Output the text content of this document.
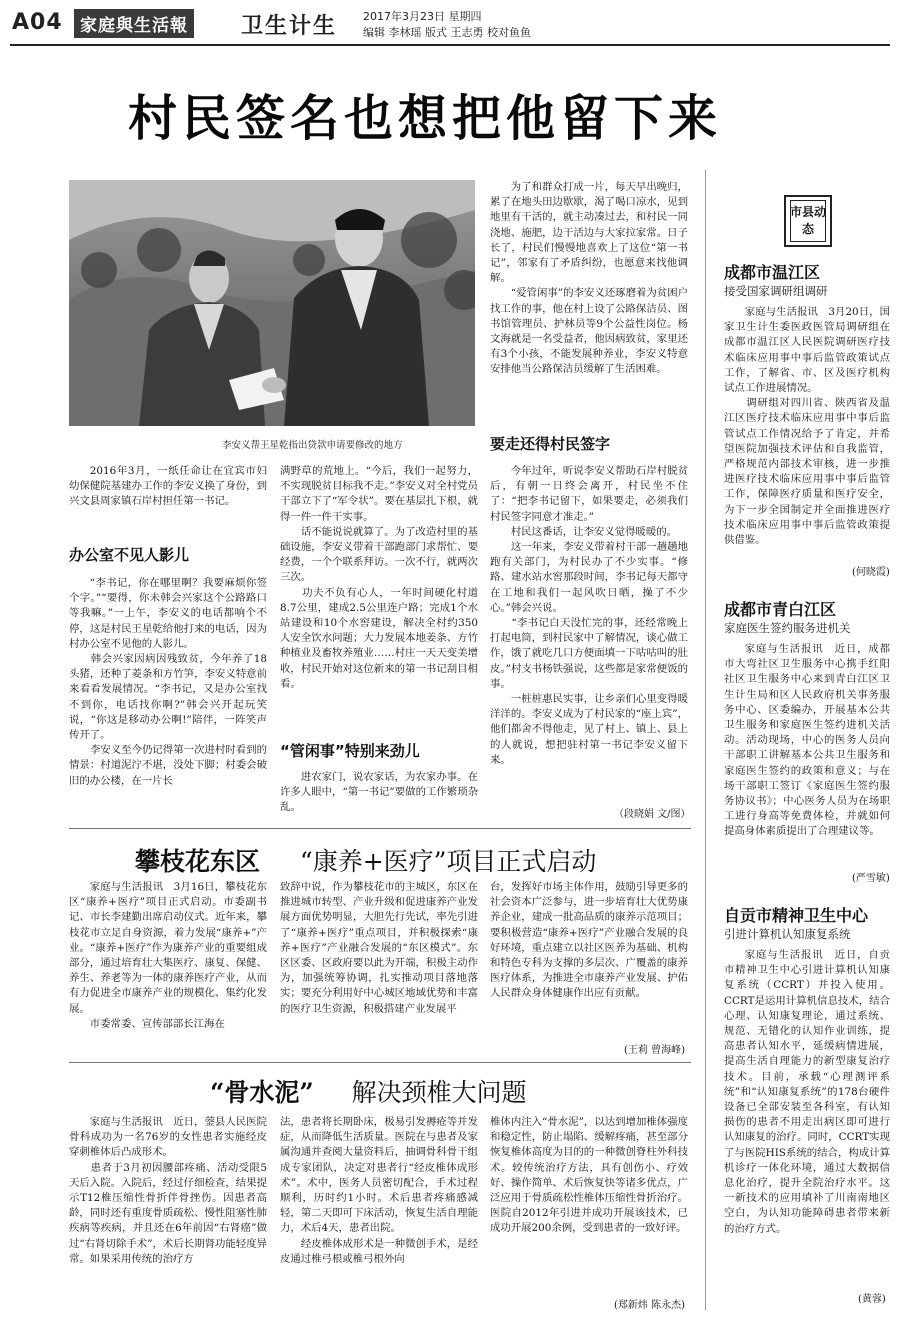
A04	家庭與生活報 卫生计生 2017年3月23日 星期四
编辑 李林瑶 版式 王志勇 校对鱼鱼
村民签名也想把他留下来
李安义帮王星乾指出贷款申请要修改的地方
2016年3月，一纸任命让在宜宾市妇幼保健院基建办工作的李安义换了身份，到兴文县周家镇石岸村担任第一书记。
办公室不见人影儿
“李书记，你在哪里啊？我要麻烦你签个字。”“要得，你未韩会兴家这个公路路口等我嘛。”一上午，李安义的电话都响个不停，这是村民王星乾给他打来的电话，因为村办公室不见他的人影儿。
　　韩会兴家因病因残致贫，今年养了18头猪，还种了菱条和方竹笋，李安义特意前来看看发展情况。“李书记，又是办公室找不到你，电话找你啊?”韩会兴开起玩笑说，“你这是移动办公啊!”陪伴，一阵笑声传开了。
　　李安义至今仍记得第一次进村时看到的情景：村道泥泞不堪，没处下脚；村委会破旧的办公楼，在一片长
满野草的荒地上。“今后，我们一起努力，不实现脱贫目标我不走。”李安义对全村党员干部立下了“军令状”。要在基层扎下根，就得一件一件干实事。
　　话不能说说就算了。为了改造村里的基础设施，李安义带着干部跑部门求帮忙、要经费，一个个联系拜访。一次不行，就两次三次。
　　功夫不负有心人，一年时间硬化村道8.7公里，建成2.5公里连户路；完成1个水站建设和10个水窖建设，解决全村约350人安全饮水问题；大力发展本地姜条、方竹种植业及畜牧养殖业……村庄一天天变美增收，村民开始对这位新来的第一书记刮目相看。
“管闲事”特别来劲儿
进农家门，说农家话，为农家办事。在许多人眼中，“第一书记”要做的工作繁琐杂乱。
为了和群众打成一片，每天早出晚归，累了在地头田边歇歇，渴了喝口凉水，见到地里有干活的，就主动凑过去，和村民一同浇地、施肥，边干活边与大家拉家常。日子长了，村民们慢慢地喜欢上了这位“第一书记”，邻家有了矛盾纠纷，也愿意来找他调解。
　　“爱管闲事”的李安义还琢磨着为贫困户找工作的事，他在村上设了公路保洁员、图书馆管理员、护林员等9个公益性岗位。杨文海就是一名受益者，他因病致贫，家里还有3个小孩，不能发展种养业，李安义特意安排他当公路保洁员缓解了生活困难。
要走还得村民签字
今年过年，听说李安义帮助石岸村脱贫后，有朝一日终会离开，村民坐不住了：“把李书记留下，如果要走，必须我们村民签字同意才准走。”
　　村民这番话，让李安义觉得暖暖的。
　　这一年来，李安义带着村干部一趟趟地跑有关部门，为村民办了不少实事。“修路、建水站水窖那段时间，李书记每天都守在工地和我们一起风吹日晒，操了不少心。”韩会兴说。
　　“李书记白天没忙完的事，还经常晚上打起电筒，到村民家中了解情况，谈心做工作，饿了就吃几口方便面填一下咕咕叫的肚皮。”村支书杨铁强说，这些都是家常便饭的事。
　　一桩桩惠民实事，让乡亲们心里变得暖洋洋的。李安义成为了村民家的“座上宾”，他们都舍不得他走，见了村上、镇上、县上的人就说，想把驻村第一书记李安义留下来。
（段晓娟 文/图）
市县动态
成都市温江区
接受国家调研组调研
家庭与生活报讯　3月20日，国家卫生计生委医政医管局调研组在成都市温江区人民医院调研医疗技术临床应用事中事后监管政策试点工作，了解省、市、区及医疗机构试点工作进展情况。
　　调研组对四川省、陕西省及温江区医疗技术临床应用事中事后监管试点工作情况给予了肯定，并希望医院加强技术评估和自我监管，严格规范内部技术审核，进一步推进医疗技术临床应用事中事后监管工作，保障医疗质量和医疗安全，为下一步全国制定并全面推进医疗技术临床应用事中事后监管政策提供借鉴。
(何晓霞)
成都市青白江区
家庭医生签约服务进机关
家庭与生活报讯　近日，成都市大弯社区卫生服务中心携手红阳社区卫生服务中心来到青白江区卫生计生局和区人民政府机关事务服务中心、区委编办，开展基本公共卫生服务和家庭医生签约进机关活动。活动现场，中心的医务人员向干部职工讲解基本公共卫生服务和家庭医生签约的政策和意义；与在场干部职工签订《家庭医生签约服务协议书》；中心医务人员为在场职工进行身高等免费体检，并就如何提高身体素质提出了合理建议等。
(严雪敏)
自贡市精神卫生中心
引进计算机认知康复系统
家庭与生活报讯　近日，自贡市精神卫生中心引进计算机认知康复系统（CCRT）并投入使用。CCRT是运用计算机信息技术，结合心理、认知康复理论，通过系统、规范、无错化的认知作业训练，提高患者认知水平，延缓病情进展，提高生活自理能力的新型康复治疗技术。目前，承载“心理测评系统”和“认知康复系统”的178台硬件设备已全部安装至各科室，有认知损伤的患者不用走出病区即可进行认知康复的治疗。同时，CCRT实现了与医院HIS系统的结合，构成计算机诊疗一体化环境，通过大数据信息化治疗，提升全院治疗水平。这一新技术的应用填补了川南南地区空白，为认知功能障碍患者带来新的治疗方式。
(黄蓉)
攀枝花东区 “康养+医疗”项目正式启动
家庭与生活报讯　3月16日，攀枝花东区“康养+医疗”项目正式启动。市委副书记、市长李建勤出席启动仪式。近年来，攀枝花市立足自身资源，着力发展“康养+”产业。“康养+医疗”作为康养产业的重要组成部分，通过培育壮大集医疗、康复、保健、养生、养老等为一体的康养医疗产业，从而有力促进全市康养产业的规模化、集约化发展。
　　市委常委、宣传部部长江海在
致辞中说，作为攀枝花市的主城区，东区在推进城市转型、产业升级和促进康养产业发展方面优势明显，大胆先行先试，率先引进了“康养+医疗”重点项目，并积极探索“康养+医疗”产业融合发展的“东区模式”。东区区委、区政府要以此为开端，积极主动作为，加强统筹协调，扎实推动项目落地落实；要充分利用好中心城区地域优势和丰富的医疗卫生资源，积极搭建产业发展平
台，发挥好市场主体作用，鼓励引导更多的社会资本广泛参与，进一步培育壮大优势康养企业，建成一批高品质的康养示范项目；要积极营造“康养+医疗”产业融合发展的良好环境，重点建立以社区医养为基础、机构和特色专科为支撑的多层次、广覆盖的康养医疗体系，为推进全市康养产业发展、护佑人民群众身体健康作出应有贡献。
(王莉 曾海峰)
“骨水泥” 解决颈椎大问题
家庭与生活报讯　近日，蓥县人民医院骨科成功为一名76岁的女性患者实施经皮穿刺椎体后凸成形术。
　　患者于3月初因腰部疼痛、活动受限5天后入院。入院后，经过仔细检查，结果提示T12椎压缩性骨折伴骨挫伤。因患者高龄，同时还有重度骨质疏松、慢性阻塞性肺疾病等疾病，并且还在6年前因“右肾癌”做过“右肾切除手术”，术后长期肾功能轻度异常。如果采用传统的治疗方
法，患者将长期卧床，极易引发褥疮等并发症，从而降低生活质量。医院在与患者及家属沟通并查阅大量资料后，抽调骨科骨干组成专家团队，决定对患者行“经皮椎体成形术”。术中，医务人员密切配合，手术过程顺利，历时约1小时。术后患者疼痛感减轻，第二天即可下床活动，恢复生活自理能力，术后4天，患者出院。
　　经皮椎体成形术是一种微创手术，是经皮通过椎弓根或椎弓根外向
椎体内注入“骨水泥”，以达到增加椎体强度和稳定性，防止塌陷、缓解疼痛，甚至部分恢复椎体高度为目的的一种微创脊柱外科技术。较传统治疗方法，具有创伤小、疗效好、操作简单、术后恢复快等诸多优点，广泛应用于骨质疏松性椎体压缩性骨折治疗。医院自2012年引进并成功开展该技术，已成功开展200余例，受到患者的一致好评。
(郑新炜 陈永杰)
